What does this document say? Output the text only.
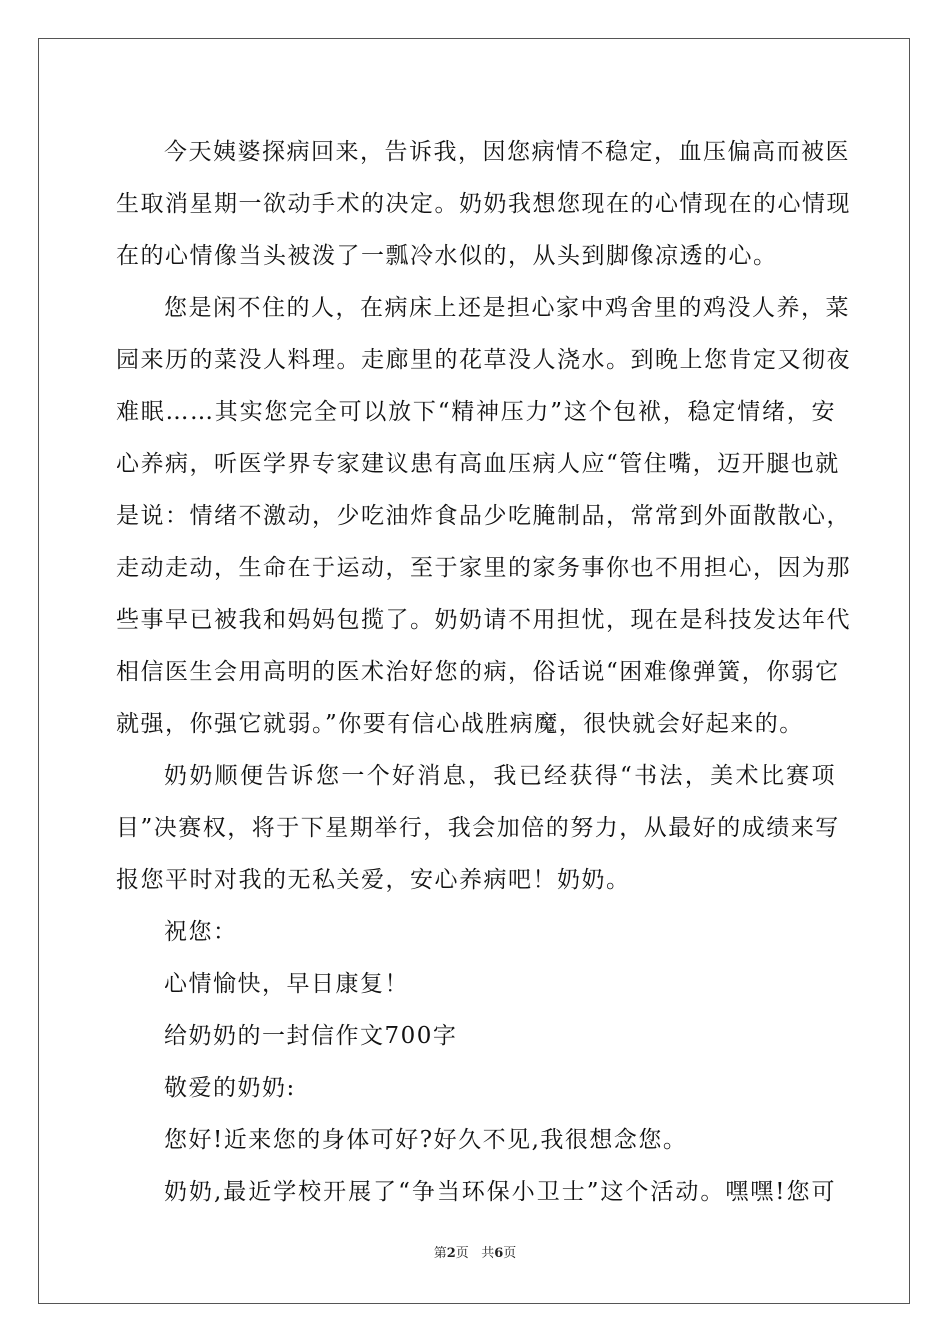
今天姨婆探病回来，告诉我，因您病情不稳定，血压偏高而被医
生取消星期一欲动手术的决定。奶奶我想您现在的心情现在的心情现
在的心情像当头被泼了一瓢冷水似的，从头到脚像凉透的心。
您是闲不住的人，在病床上还是担心家中鸡舍里的鸡没人养，菜
园来历的菜没人料理。走廊里的花草没人浇水。到晚上您肯定又彻夜
难眠……其实您完全可以放下“精神压力”这个包袱，稳定情绪，安
心养病，听医学界专家建议患有高血压病人应“管住嘴，迈开腿也就
是说：情绪不激动，少吃油炸食品少吃腌制品，常常到外面散散心，
走动走动，生命在于运动，至于家里的家务事你也不用担心，因为那
些事早已被我和妈妈包揽了。奶奶请不用担忧，现在是科技发达年代
相信医生会用高明的医术治好您的病，俗话说“困难像弹簧，你弱它
就强，你强它就弱。”你要有信心战胜病魔，很快就会好起来的。
奶奶顺便告诉您一个好消息，我已经获得“书法，美术比赛项
目”决赛权，将于下星期举行，我会加倍的努力，从最好的成绩来写
报您平时对我的无私关爱，安心养病吧！奶奶。
祝您：
心情愉快，早日康复！
给奶奶的一封信作文700字
敬爱的奶奶:
您好!近来您的身体可好?好久不见,我很想念您。
奶奶,最近学校开展了“争当环保小卫士”这个活动。嘿嘿!您可
第2页 共6页
